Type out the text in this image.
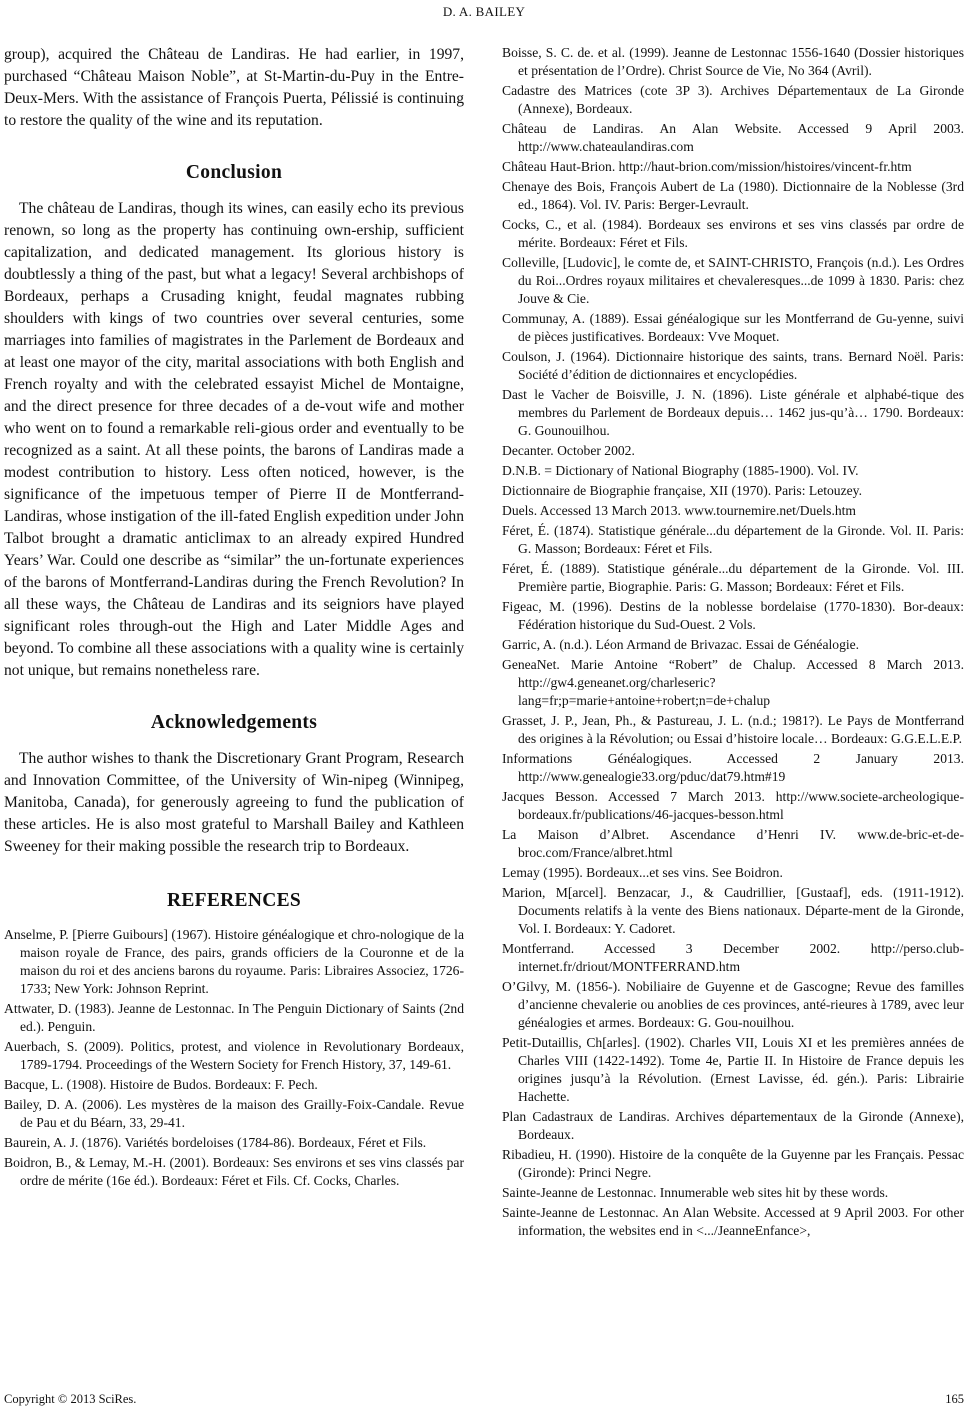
D. A. BAILEY

group), acquired the Château de Landiras. He had earlier, in 1997, purchased “Château Maison Noble”, at St-Martin-du-Puy in the Entre-Deux-Mers. With the assistance of François Puerta, Pélissié is continuing to restore the quality of the wine and its reputation.

Conclusion

The château de Landiras, though its wines, can easily echo its previous renown, so long as the property has continuing own-ership, sufficient capitalization, and dedicated management. Its glorious history is doubtlessly a thing of the past, but what a legacy! Several archbishops of Bordeaux, perhaps a Crusading knight, feudal magnates rubbing shoulders with kings of two countries over several centuries, some marriages into families of magistrates in the Parlement de Bordeaux and at least one mayor of the city, marital associations with both English and French royalty and with the celebrated essayist Michel de Montaigne, and the direct presence for three decades of a de-vout wife and mother who went on to found a remarkable reli-gious order and eventually to be recognized as a saint. At all these points, the barons of Landiras made a modest contribution to history. Less often noticed, however, is the significance of the impetuous temper of Pierre II de Montferrand-Landiras, whose instigation of the ill-fated English expedition under John Talbot brought a dramatic anticlimax to an already expired Hundred Years’ War. Could one describe as “similar” the un-fortunate experiences of the barons of Montferrand-Landiras during the French Revolution? In all these ways, the Château de Landiras and its seigniors have played significant roles through-out the High and Later Middle Ages and beyond. To combine all these associations with a quality wine is certainly not unique, but remains nonetheless rare.

Acknowledgements

The author wishes to thank the Discretionary Grant Program, Research and Innovation Committee, of the University of Win-nipeg (Winnipeg, Manitoba, Canada), for generously agreeing to fund the publication of these articles. He is also most grateful to Marshall Bailey and Kathleen Sweeney for their making possible the research trip to Bordeaux.

REFERENCES

Anselme, P. [Pierre Guibours] (1967). Histoire généalogique et chro-nologique de la maison royale de France, des pairs, grands officiers de la Couronne et de la maison du roi et des anciens barons du royaume. Paris: Libraires Associez, 1726-1733; New York: Johnson Reprint.

Attwater, D. (1983). Jeanne de Lestonnac. In The Penguin Dictionary of Saints (2nd ed.). Penguin.

Auerbach, S. (2009). Politics, protest, and violence in Revolutionary Bordeaux, 1789-1794. Proceedings of the Western Society for French History, 37, 149-61.

Bacque, L. (1908). Histoire de Budos. Bordeaux: F. Pech.

Bailey, D. A. (2006). Les mystères de la maison des Grailly-Foix-Candale. Revue de Pau et du Béarn, 33, 29-41.

Baurein, A. J. (1876). Variétés bordeloises (1784-86). Bordeaux, Féret et Fils.

Boidron, B., & Lemay, M.-H. (2001). Bordeaux: Ses environs et ses vins classés par ordre de mérite (16e éd.). Bordeaux: Féret et Fils. Cf. Cocks, Charles.

Boisse, S. C. de. et al. (1999). Jeanne de Lestonnac 1556-1640 (Dossier historiques et présentation de l’Ordre). Christ Source de Vie, No 364 (Avril).

Cadastre des Matrices (cote 3P 3). Archives Départementaux de La Gironde (Annexe), Bordeaux.

Château de Landiras. An Alan Website. Accessed 9 April 2003. http://www.chateaulandiras.com

Château Haut-Brion. http://haut-brion.com/mission/histoires/vincent-fr.htm

Chenaye des Bois, François Aubert de La (1980). Dictionnaire de la Noblesse (3rd ed., 1864). Vol. IV. Paris: Berger-Levrault.

Cocks, C., et al. (1984). Bordeaux ses environs et ses vins classés par ordre de mérite. Bordeaux: Féret et Fils.

Colleville, [Ludovic], le comte de, et SAINT-CHRISTO, François (n.d.). Les Ordres du Roi...Ordres royaux militaires et chevaleresques...de 1099 à 1830. Paris: chez Jouve & Cie.

Communay, A. (1889). Essai généalogique sur les Montferrand de Gu-yenne, suivi de pièces justificatives. Bordeaux: Vve Moquet.

Coulson, J. (1964). Dictionnaire historique des saints, trans. Bernard Noël. Paris: Société d’édition de dictionnaires et encyclopédies.

Dast le Vacher de Boisville, J. N. (1896). Liste générale et alphabé-tique des membres du Parlement de Bordeaux depuis… 1462 jus-qu’à… 1790. Bordeaux: G. Gounouilhou.

Decanter. October 2002.

D.N.B. = Dictionary of National Biography (1885-1900). Vol. IV.

Dictionnaire de Biographie française, XII (1970). Paris: Letouzey.

Duels. Accessed 13 March 2013. www.tournemire.net/Duels.htm

Féret, É. (1874). Statistique générale...du département de la Gironde. Vol. II. Paris: G. Masson; Bordeaux: Féret et Fils.

Féret, É. (1889). Statistique générale...du département de la Gironde. Vol. III. Première partie, Biographie. Paris: G. Masson; Bordeaux: Féret et Fils.

Figeac, M. (1996). Destins de la noblesse bordelaise (1770-1830). Bor-deaux: Fédération historique du Sud-Ouest. 2 Vols.

Garric, A. (n.d.). Léon Armand de Brivazac. Essai de Généalogie.

GeneaNet. Marie Antoine “Robert” de Chalup. Accessed 8 March 2013. http://gw4.geneanet.org/charleseric?lang=fr;p=marie+antoine+robert;n=de+chalup

Grasset, J. P., Jean, Ph., & Pastureau, J. L. (n.d.; 1981?). Le Pays de Montferrand des origines à la Révolution; ou Essai d’histoire locale… Bordeaux: G.G.E.L.E.P.

Informations Généalogiques. Accessed 2 January 2013. http://www.genealogie33.org/pduc/dat79.htm#19

Jacques Besson. Accessed 7 March 2013. http://www.societe-archeologique-bordeaux.fr/publications/46-jacques-besson.html

La Maison d’Albret. Ascendance d’Henri IV. www.de-bric-et-de-broc.com/France/albret.html

Lemay (1995). Bordeaux...et ses vins. See Boidron.

Marion, M[arcel]. Benzacar, J., & Caudrillier, [Gustaaf], eds. (1911-1912). Documents relatifs à la vente des Biens nationaux. Départe-ment de la Gironde, Vol. I. Bordeaux: Y. Cadoret.

Montferrand. Accessed 3 December 2002. http://perso.club-internet.fr/driout/MONTFERRAND.htm

O’Gilvy, M. (1856-). Nobiliaire de Guyenne et de Gascogne; Revue des familles d’ancienne chevalerie ou anoblies de ces provinces, anté-rieures à 1789, avec leur généalogies et armes. Bordeaux: G. Gou-nouilhou.

Petit-Dutaillis, Ch[arles]. (1902). Charles VII, Louis XI et les premières années de Charles VIII (1422-1492). Tome 4e, Partie II. In Histoire de France depuis les origines jusqu’à la Révolution. (Ernest Lavisse, éd. gén.). Paris: Librairie Hachette.

Plan Cadastraux de Landiras. Archives départementaux de la Gironde (Annexe), Bordeaux.

Ribadieu, H. (1990). Histoire de la conquête de la Guyenne par les Français. Pessac (Gironde): Princi Negre.

Sainte-Jeanne de Lestonnac. Innumerable web sites hit by these words.

Sainte-Jeanne de Lestonnac. An Alan Website. Accessed at 9 April 2003. For other information, the websites end in <.../JeanneEnfance>,

Copyright © 2013 SciRes.	165
